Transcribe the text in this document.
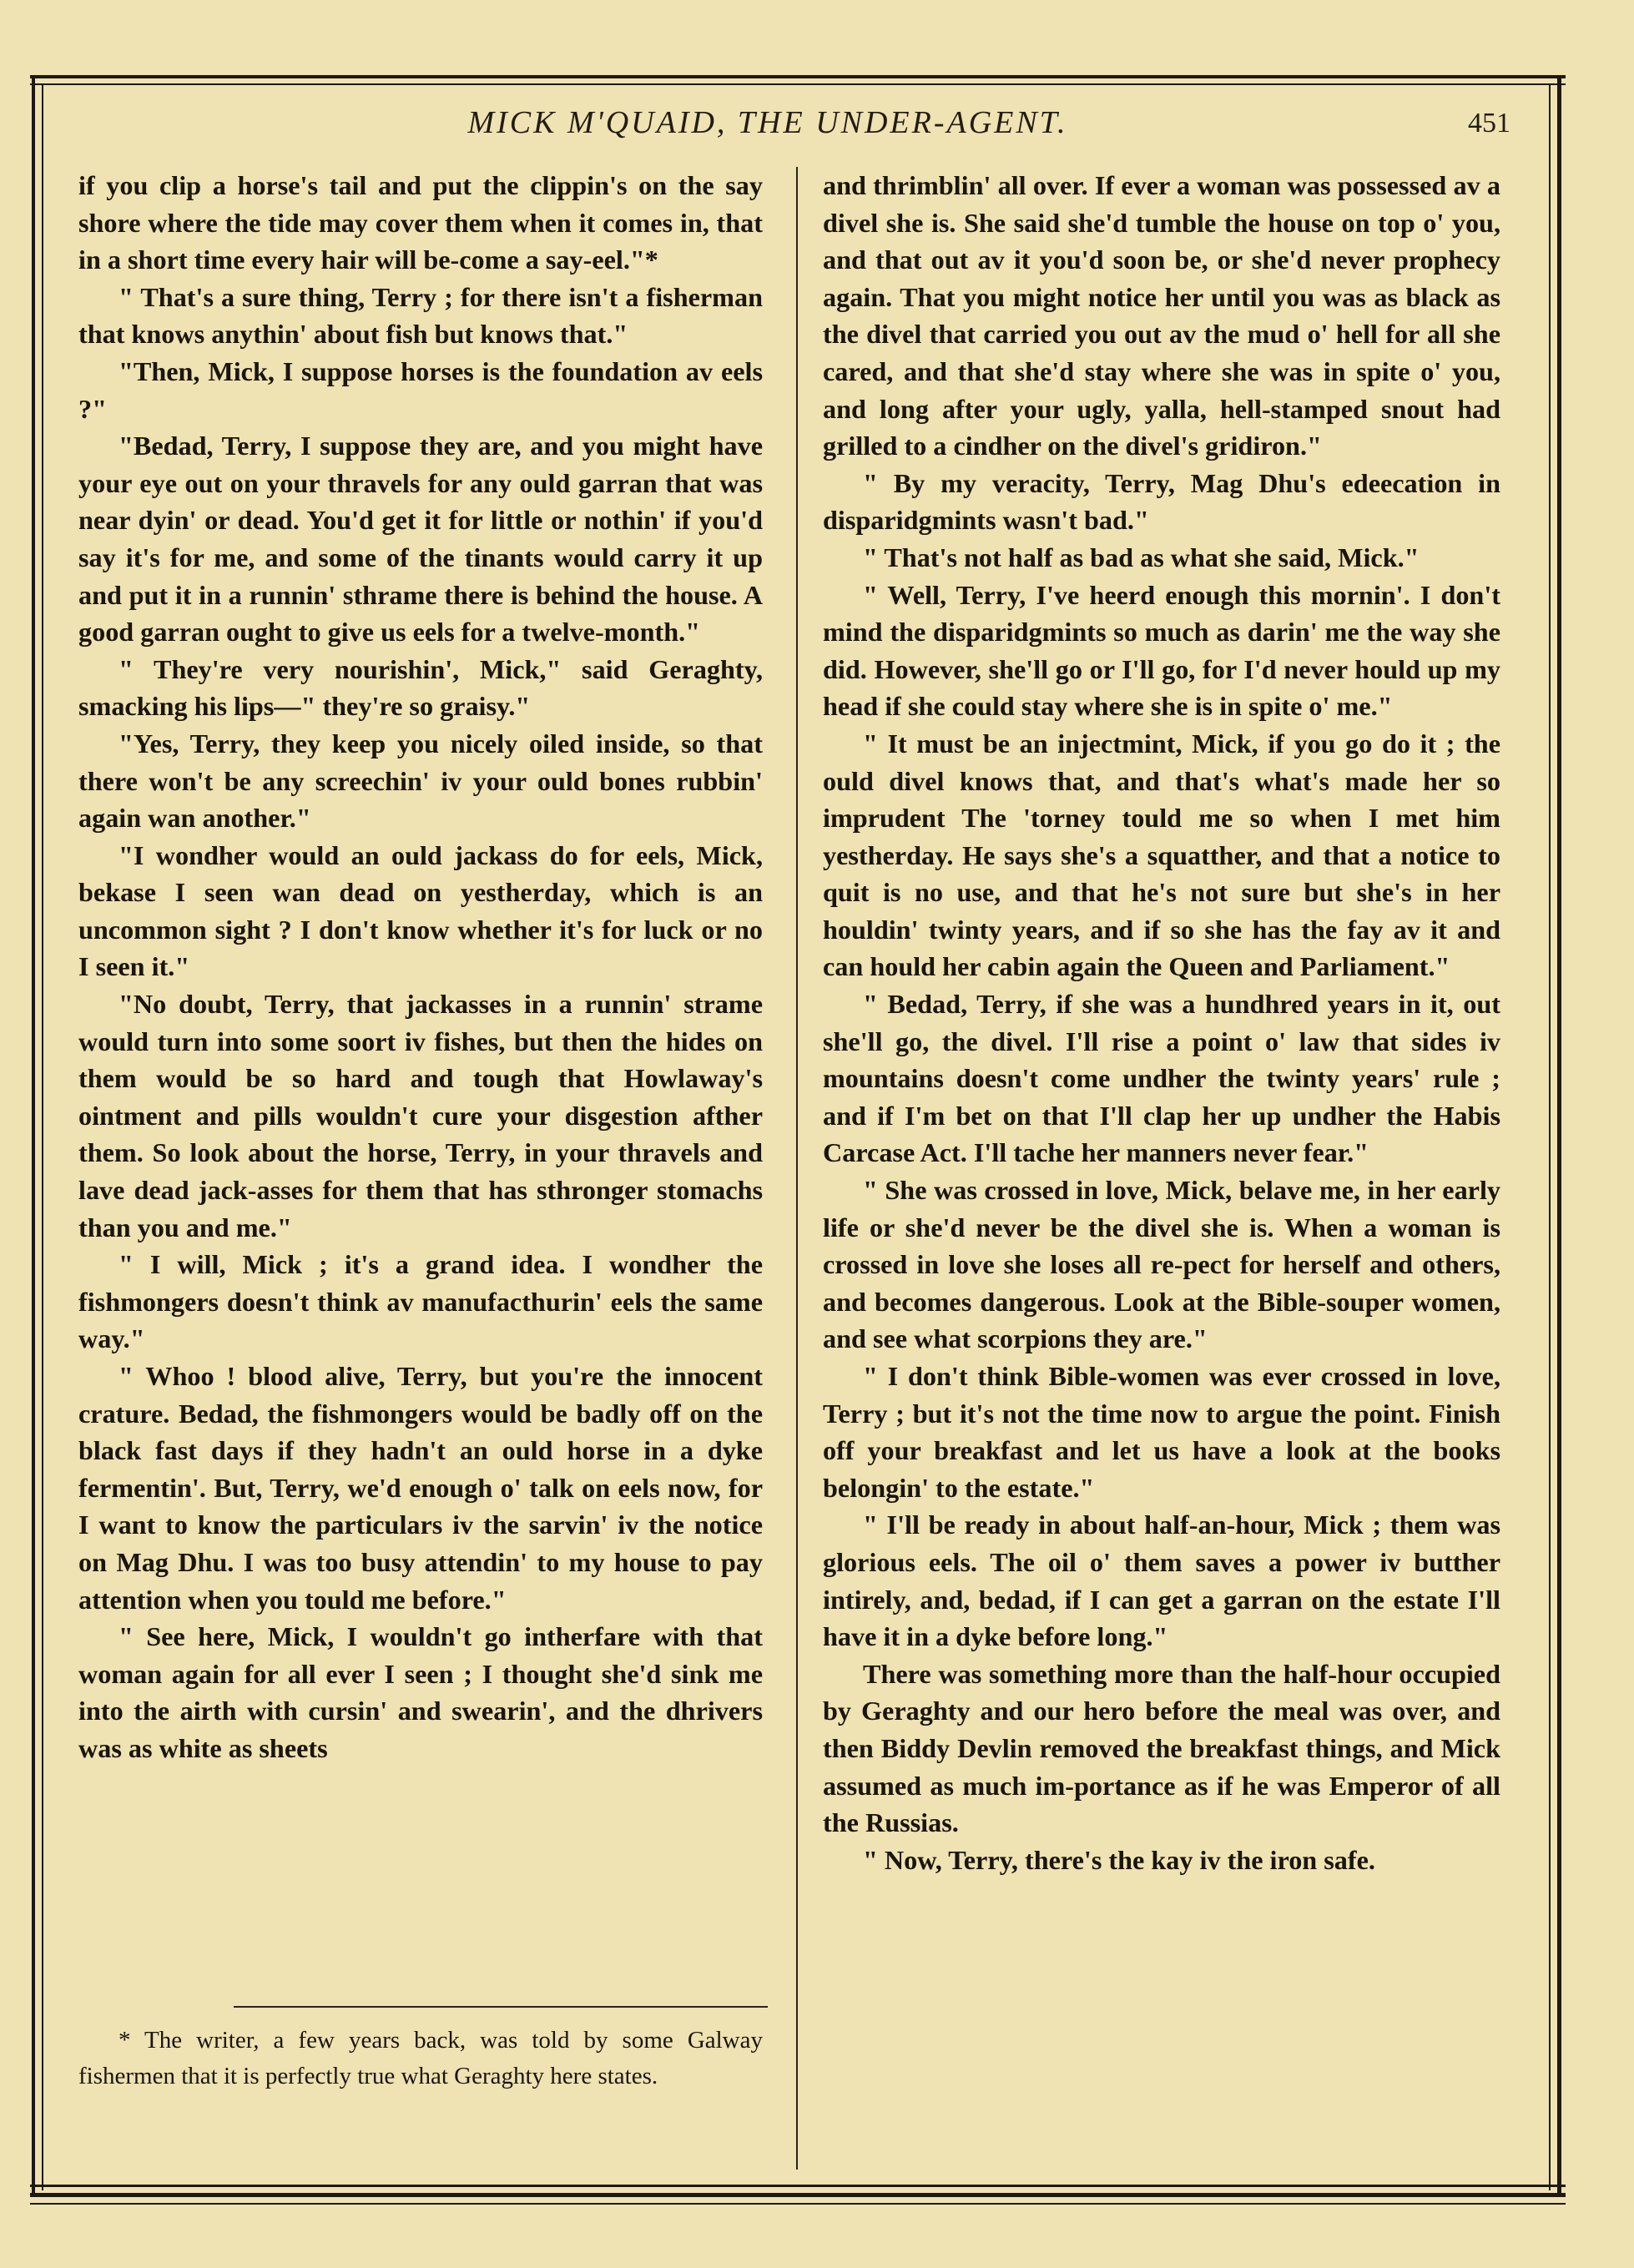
MICK M'QUAID, THE UNDER-AGENT.	451

if you clip a horse's tail and put the clippin's on the say shore where the tide may cover them when it comes in, that in a short time every hair will be-come a say-eel."*

" That's a sure thing, Terry ; for there isn't a fisherman that knows anythin' about fish but knows that."

"Then, Mick, I suppose horses is the foundation av eels ?"

"Bedad, Terry, I suppose they are, and you might have your eye out on your thravels for any ould garran that was near dyin' or dead. You'd get it for little or nothin' if you'd say it's for me, and some of the tinants would carry it up and put it in a runnin' sthrame there is behind the house. A good garran ought to give us eels for a twelve-month."

" They're very nourishin', Mick," said Geraghty, smacking his lips—" they're so graisy."

"Yes, Terry, they keep you nicely oiled inside, so that there won't be any screechin' iv your ould bones rubbin' again wan another."

"I wondher would an ould jackass do for eels, Mick, bekase I seen wan dead on yestherday, which is an uncommon sight ? I don't know whether it's for luck or no I seen it."

"No doubt, Terry, that jackasses in a runnin' strame would turn into some soort iv fishes, but then the hides on them would be so hard and tough that Howlaway's ointment and pills wouldn't cure your disgestion afther them. So look about the horse, Terry, in your thravels and lave dead jack-asses for them that has sthronger stomachs than you and me."

" I will, Mick ; it's a grand idea. I wondher the fishmongers doesn't think av manufacthurin' eels the same way."

" Whoo ! blood alive, Terry, but you're the innocent crature. Bedad, the fishmongers would be badly off on the black fast days if they hadn't an ould horse in a dyke fermentin'. But, Terry, we'd enough o' talk on eels now, for I want to know the particulars iv the sarvin' iv the notice on Mag Dhu. I was too busy attendin' to my house to pay attention when you tould me before."

" See here, Mick, I wouldn't go intherfare with that woman again for all ever I seen ; I thought she'd sink me into the airth with cursin' and swearin', and the dhrivers was as white as sheets

* The writer, a few years back, was told by some Galway fishermen that it is perfectly true what Geraghty here states.

and thrimblin' all over. If ever a woman was possessed av a divel she is. She said she'd tumble the house on top o' you, and that out av it you'd soon be, or she'd never prophecy again. That you might notice her until you was as black as the divel that carried you out av the mud o' hell for all she cared, and that she'd stay where she was in spite o' you, and long after your ugly, yalla, hell-stamped snout had grilled to a cindher on the divel's gridiron."

" By my veracity, Terry, Mag Dhu's edeecation in disparidgmints wasn't bad."

" That's not half as bad as what she said, Mick."

" Well, Terry, I've heerd enough this mornin'. I don't mind the disparidgmints so much as darin' me the way she did. However, she'll go or I'll go, for I'd never hould up my head if she could stay where she is in spite o' me."

" It must be an injectmint, Mick, if you go do it ; the ould divel knows that, and that's what's made her so imprudent The 'torney tould me so when I met him yestherday. He says she's a squatther, and that a notice to quit is no use, and that he's not sure but she's in her houldin' twinty years, and if so she has the fay av it and can hould her cabin again the Queen and Parliament."

" Bedad, Terry, if she was a hundhred years in it, out she'll go, the divel. I'll rise a point o' law that sides iv mountains doesn't come undher the twinty years' rule ; and if I'm bet on that I'll clap her up undher the Habis Carcase Act. I'll tache her manners never fear."

" She was crossed in love, Mick, belave me, in her early life or she'd never be the divel she is. When a woman is crossed in love she loses all re-pect for herself and others, and becomes dangerous. Look at the Bible-souper women, and see what scorpions they are."

" I don't think Bible-women was ever crossed in love, Terry ; but it's not the time now to argue the point. Finish off your breakfast and let us have a look at the books belongin' to the estate."

" I'll be ready in about half-an-hour, Mick ; them was glorious eels. The oil o' them saves a power iv butther intirely, and, bedad, if I can get a garran on the estate I'll have it in a dyke before long."

There was something more than the half-hour occupied by Geraghty and our hero before the meal was over, and then Biddy Devlin removed the breakfast things, and Mick assumed as much im-portance as if he was Emperor of all the Russias.

" Now, Terry, there's the kay iv the iron safe.
